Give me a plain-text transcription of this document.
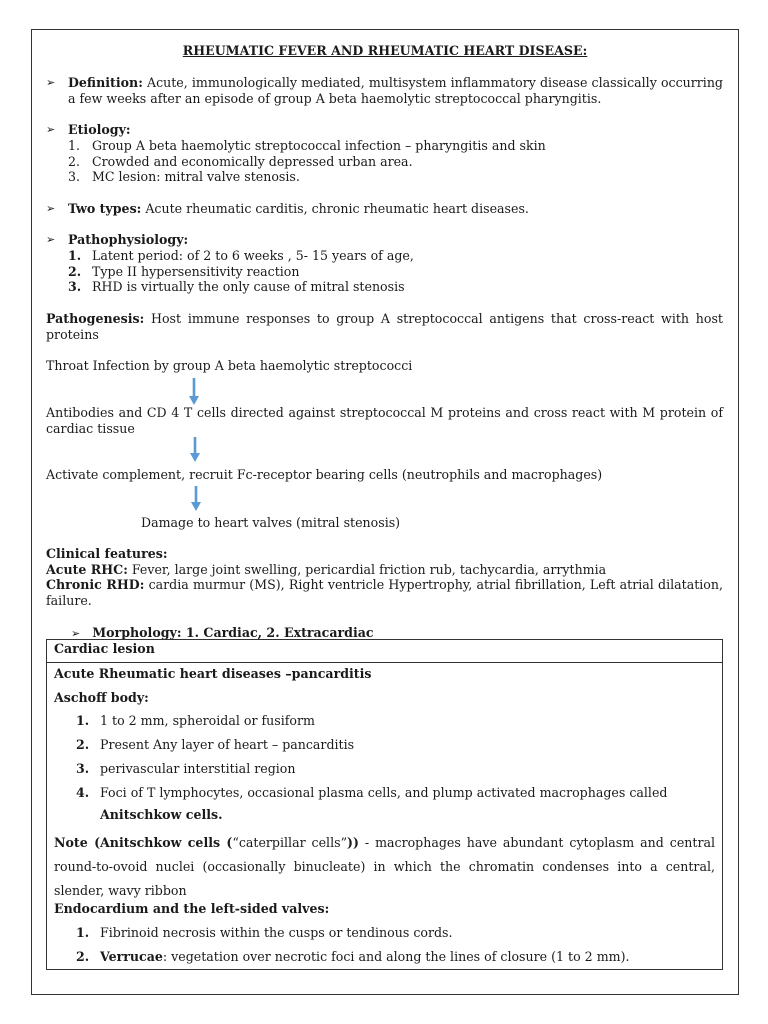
RHEUMATIC FEVER AND RHEUMATIC HEART DISEASE:
➢ Definition: Acute, immunologically mediated, multisystem inflammatory disease classically occurring a few weeks after an episode of group A beta haemolytic streptococcal pharyngitis.
➢ Etiology:
1. Group A beta haemolytic streptococcal infection – pharyngitis and skin
2. Crowded and economically depressed urban area.
3. MC lesion: mitral valve stenosis.
➢ Two types: Acute rheumatic carditis, chronic rheumatic heart diseases.
➢ Pathophysiology:
1. Latent period: of 2 to 6 weeks , 5- 15 years of age,
2. Type II hypersensitivity reaction
3. RHD is virtually the only cause of mitral stenosis
Pathogenesis: Host immune responses to group A streptococcal antigens that cross-react with host proteins
Throat Infection by group A beta haemolytic streptococci
Antibodies and CD 4 T cells directed against streptococcal M proteins and cross react with M protein of cardiac tissue
Activate complement, recruit Fc-receptor bearing cells (neutrophils and macrophages)
Damage to heart valves (mitral stenosis)
Clinical features:
Acute RHC: Fever, large joint swelling, pericardial friction rub, tachycardia, arrythmia
Chronic RHD: cardia murmur (MS), Right ventricle Hypertrophy, atrial fibrillation, Left atrial dilatation, failure.
➢ Morphology: 1. Cardiac, 2. Extracardiac
Cardiac lesion
Acute Rheumatic heart diseases –pancarditis
Aschoff body:
1. 1 to 2 mm, spheroidal or fusiform
2. Present Any layer of heart – pancarditis
3. perivascular interstitial region
4. Foci of T lymphocytes, occasional plasma cells, and plump activated macrophages called
Anitschkow cells.
Note (Anitschkow cells (“caterpillar cells”)) - macrophages have abundant cytoplasm and central round-to-ovoid nuclei (occasionally binucleate) in which the chromatin condenses into a central, slender, wavy ribbon
Endocardium and the left-sided valves:
1. Fibrinoid necrosis within the cusps or tendinous cords.
2. Verrucae: vegetation over necrotic foci and along the lines of closure (1 to 2 mm).
